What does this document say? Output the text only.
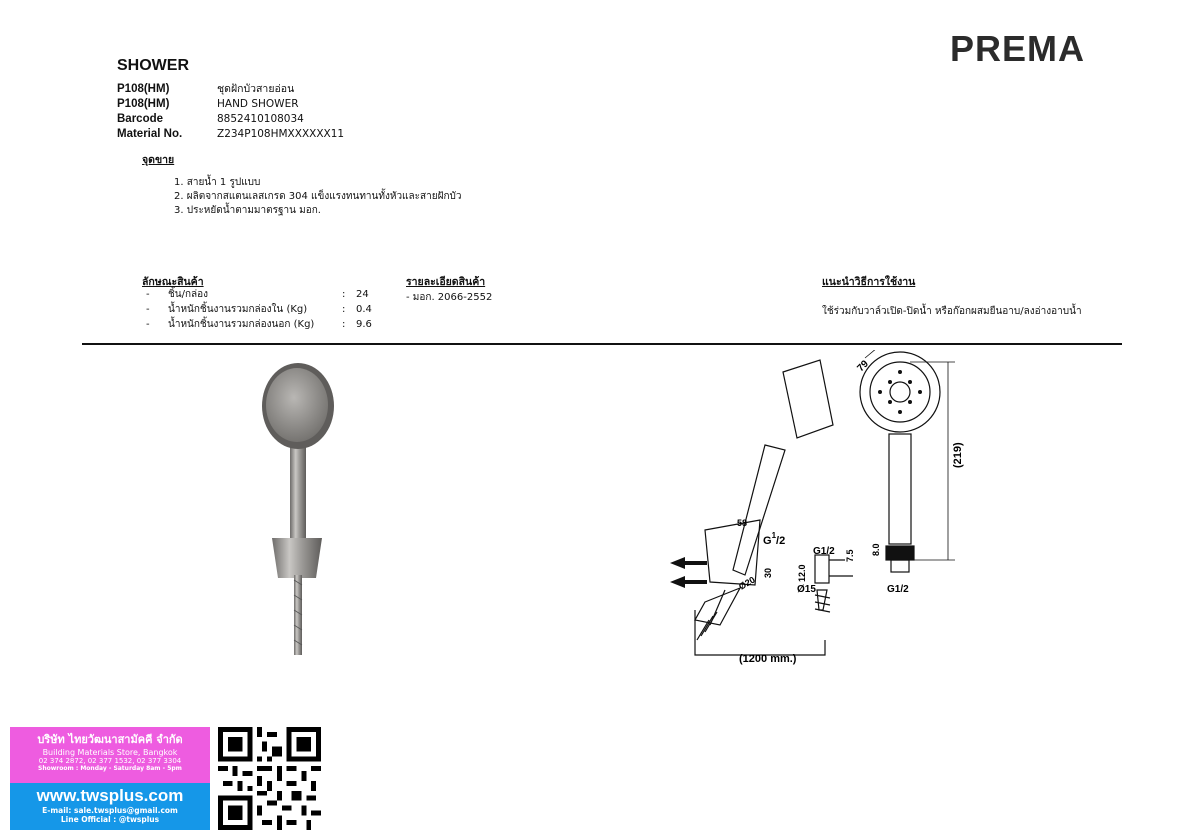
PREMA
SHOWER
P108(HM)	ชุดฝักบัวสายอ่อน
P108(HM)	HAND SHOWER
Barcode	8852410108034
Material No.	Z234P108HMXXXXXX11
จุดขาย
1. สายน้ำ 1 รูปแบบ
2. ผลิตจากสแตนเลสเกรด 304 แข็งแรงทนทานทั้งหัวและสายฝักบัว
3. ประหยัดน้ำตามมาตรฐาน มอก.
ลักษณะสินค้า
-	ชิ้น/กล่อง	:	24
-	น้ำหนักชิ้นงานรวมกล่องใน (Kg)	:	0.4
-	น้ำหนักชิ้นงานรวมกล่องนอก (Kg)	:	9.6
รายละเอียดสินค้า
- มอก. 2066-2552
แนะนำวิธีการใช้งาน
ใช้ร่วมกับวาล์วเปิด-ปิดน้ำ หรือก๊อกผสมยืนอาบ/ลงอ่างอาบน้ำ
79
(219)
58
$G^1/2$
30
Ø20
G1/2 7.5
12.0
Ø15
8.0
G1/2
(1200 mm.)
บริษัท ไทยวัฒนาสามัคคี จำกัด
Building Materials Store, Bangkok
02 374 2872, 02 377 1532, 02 377 3304
Showroom : Monday - Saturday 8am - 5pm
www.twsplus.com
E-mail: sale.twsplus@gmail.com
Line Official : @twsplus
